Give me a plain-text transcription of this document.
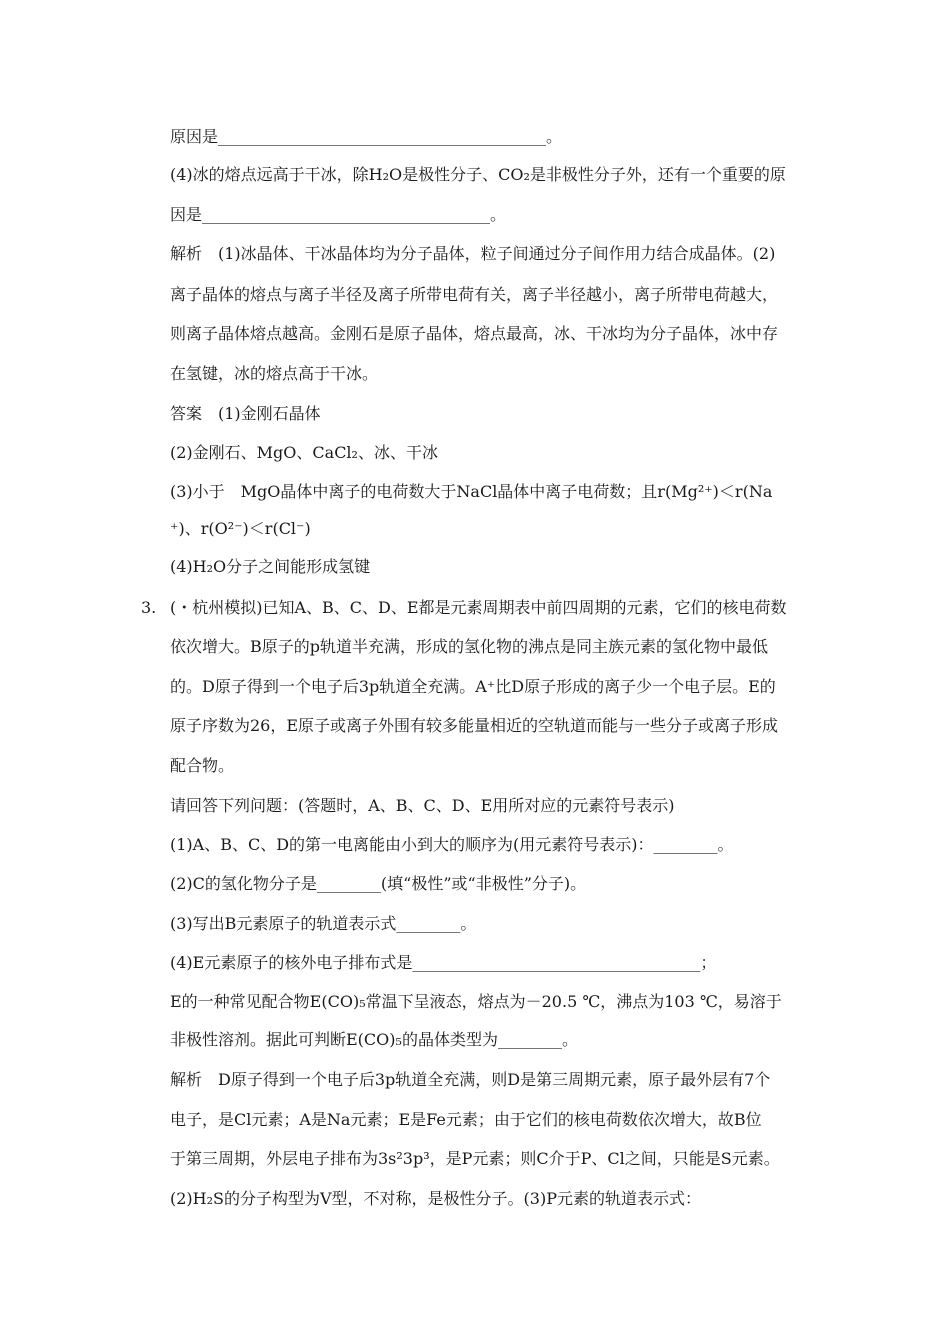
原因是_________________________________________。
(4)冰的熔点远高于干冰，除H₂O是极性分子、CO₂是非极性分子外，还有一个重要的原
因是____________________________________。
解析　(1)冰晶体、干冰晶体均为分子晶体，粒子间通过分子间作用力结合成晶体。(2)
离子晶体的熔点与离子半径及离子所带电荷有关，离子半径越小，离子所带电荷越大，
则离子晶体熔点越高。金刚石是原子晶体，熔点最高，冰、干冰均为分子晶体，冰中存
在氢键，冰的熔点高于干冰。
答案　(1)金刚石晶体
(2)金刚石、MgO、CaCl₂、冰、干冰
(3)小于　MgO晶体中离子的电荷数大于NaCl晶体中离子电荷数；且r(Mg²⁺)＜r(Na
⁺)、r(O²⁻)＜r(Cl⁻)
(4)H₂O分子之间能形成氢键
3. (・杭州模拟)已知A、B、C、D、E都是元素周期表中前四周期的元素，它们的核电荷数
依次增大。B原子的p轨道半充满，形成的氢化物的沸点是同主族元素的氢化物中最低
的。D原子得到一个电子后3p轨道全充满。A⁺比D原子形成的离子少一个电子层。E的
原子序数为26，E原子或离子外围有较多能量相近的空轨道而能与一些分子或离子形成
配合物。
请回答下列问题：(答题时，A、B、C、D、E用所对应的元素符号表示)
(1)A、B、C、D的第一电离能由小到大的顺序为(用元素符号表示)：________。
(2)C的氢化物分子是________(填“极性”或“非极性”分子)。
(3)写出B元素原子的轨道表示式________。
(4)E元素原子的核外电子排布式是____________________________________；
E的一种常见配合物E(CO)₅常温下呈液态，熔点为－20.5 ℃，沸点为103 ℃，易溶于
非极性溶剂。据此可判断E(CO)₅的晶体类型为________。
解析　D原子得到一个电子后3p轨道全充满，则D是第三周期元素，原子最外层有7个
电子，是Cl元素；A是Na元素；E是Fe元素；由于它们的核电荷数依次增大，故B位
于第三周期，外层电子排布为3s²3p³，是P元素；则C介于P、Cl之间，只能是S元素。
(2)H₂S的分子构型为V型，不对称，是极性分子。(3)P元素的轨道表示式：
